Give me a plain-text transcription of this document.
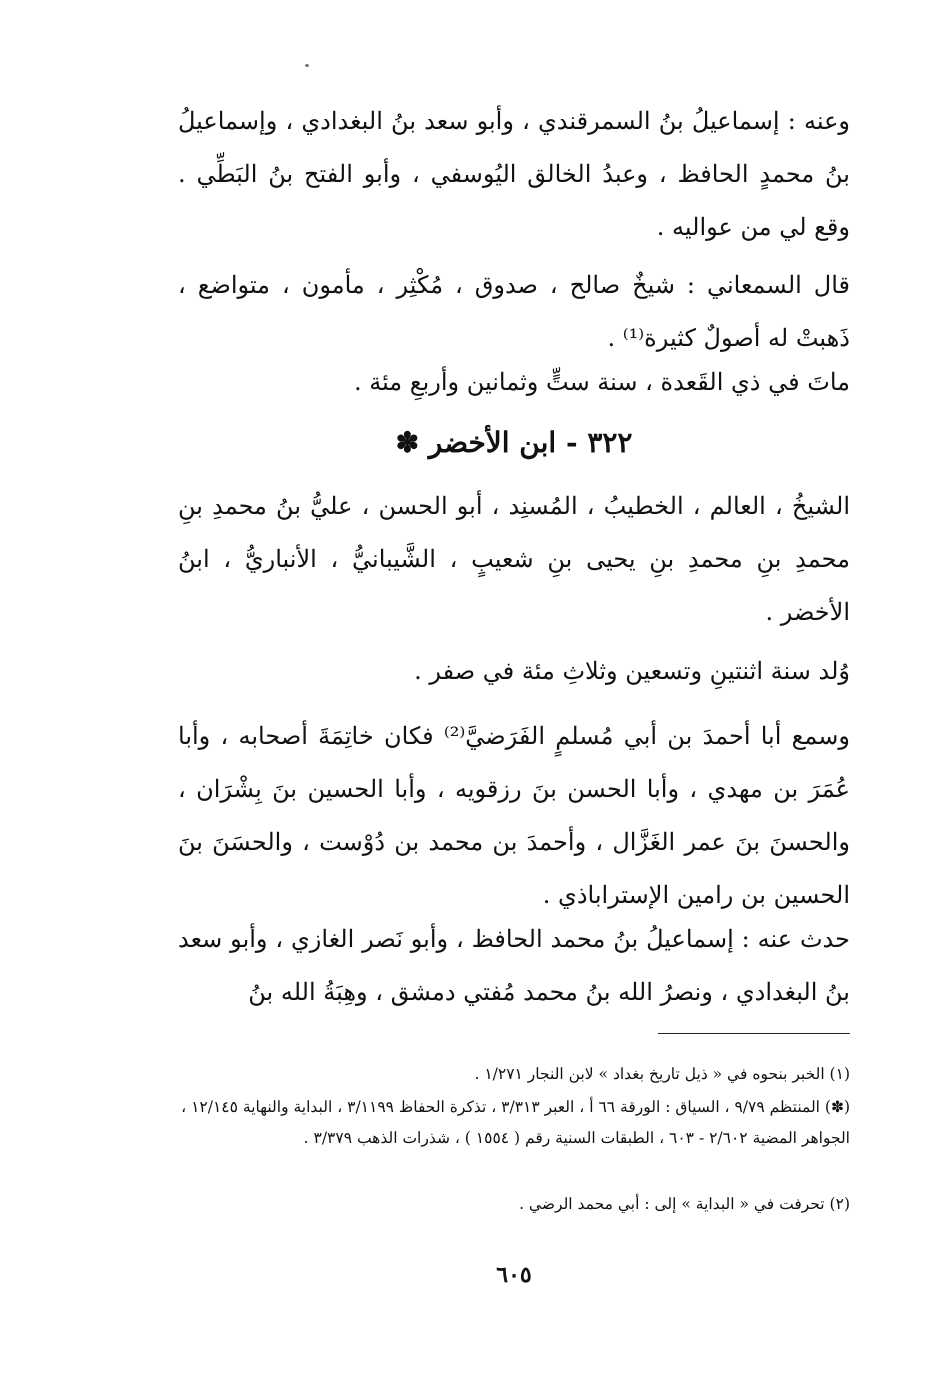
وعنه : إسماعيلُ بنُ السمرقندي ، وأبو سعد بنُ البغدادي ، وإسماعيلُ بنُ محمدٍ الحافظ ، وعبدُ الخالق اليُوسفي ، وأبو الفتح بنُ البَطِّي . وقع لي من عواليه .

قال السمعاني : شيخٌ صالح ، صدوق ، مُكْثِر ، مأمون ، متواضع ، ذَهبتْ له أصولٌ كثيرة⁽¹⁾ .

ماتَ في ذي القَعدة ، سنة ستٍّ وثمانين وأربعِ مئة .

٣٢٢ - ابن الأخضر ✽

الشيخُ ، العالم ، الخطيبُ ، المُسنِد ، أبو الحسن ، عليُّ بنُ محمدِ بنِ محمدِ بنِ محمدِ بنِ يحيى بنِ شعيبٍ ، الشَّيبانيُّ ، الأنباريُّ ، ابنُ الأخضر .

وُلد سنة اثنتينِ وتسعين وثلاثِ مئة في صفر .

وسمع أبا أحمدَ بن أبي مُسلمٍ الفَرَضيَّ⁽²⁾ فكان خاتِمَةَ أصحابه ، وأبا عُمَرَ بن مهدي ، وأبا الحسن بنَ رزقويه ، وأبا الحسين بنَ بِشْرَان ، والحسنَ بنَ عمر الغَزَّال ، وأحمدَ بن محمد بن دُوْست ، والحسَنَ بنَ الحسين بن رامين الإستراباذي .

حدث عنه : إسماعيلُ بنُ محمد الحافظ ، وأبو نَصر الغازي ، وأبو سعد بنُ البغدادي ، ونصرُ الله بنُ محمد مُفتي دمشق ، وهِبَةُ الله بنُ

(١) الخبر بنحوه في « ذيل تاريخ بغداد » لابن النجار ١/٢٧١ .

(✽) المنتظم ٩/٧٩ ، السياق : الورقة ٦٦ أ ، العبر ٣/٣١٣ ، تذكرة الحفاظ ٣/١١٩٩ ، البداية والنهاية ١٢/١٤٥ ، الجواهر المضية ٢/٦٠٢ - ٦٠٣ ، الطبقات السنية رقم ( ١٥٥٤ ) ، شذرات الذهب ٣/٣٧٩ .

(٢) تحرفت في « البداية » إلى : أبي محمد الرضي .

٦٠٥
